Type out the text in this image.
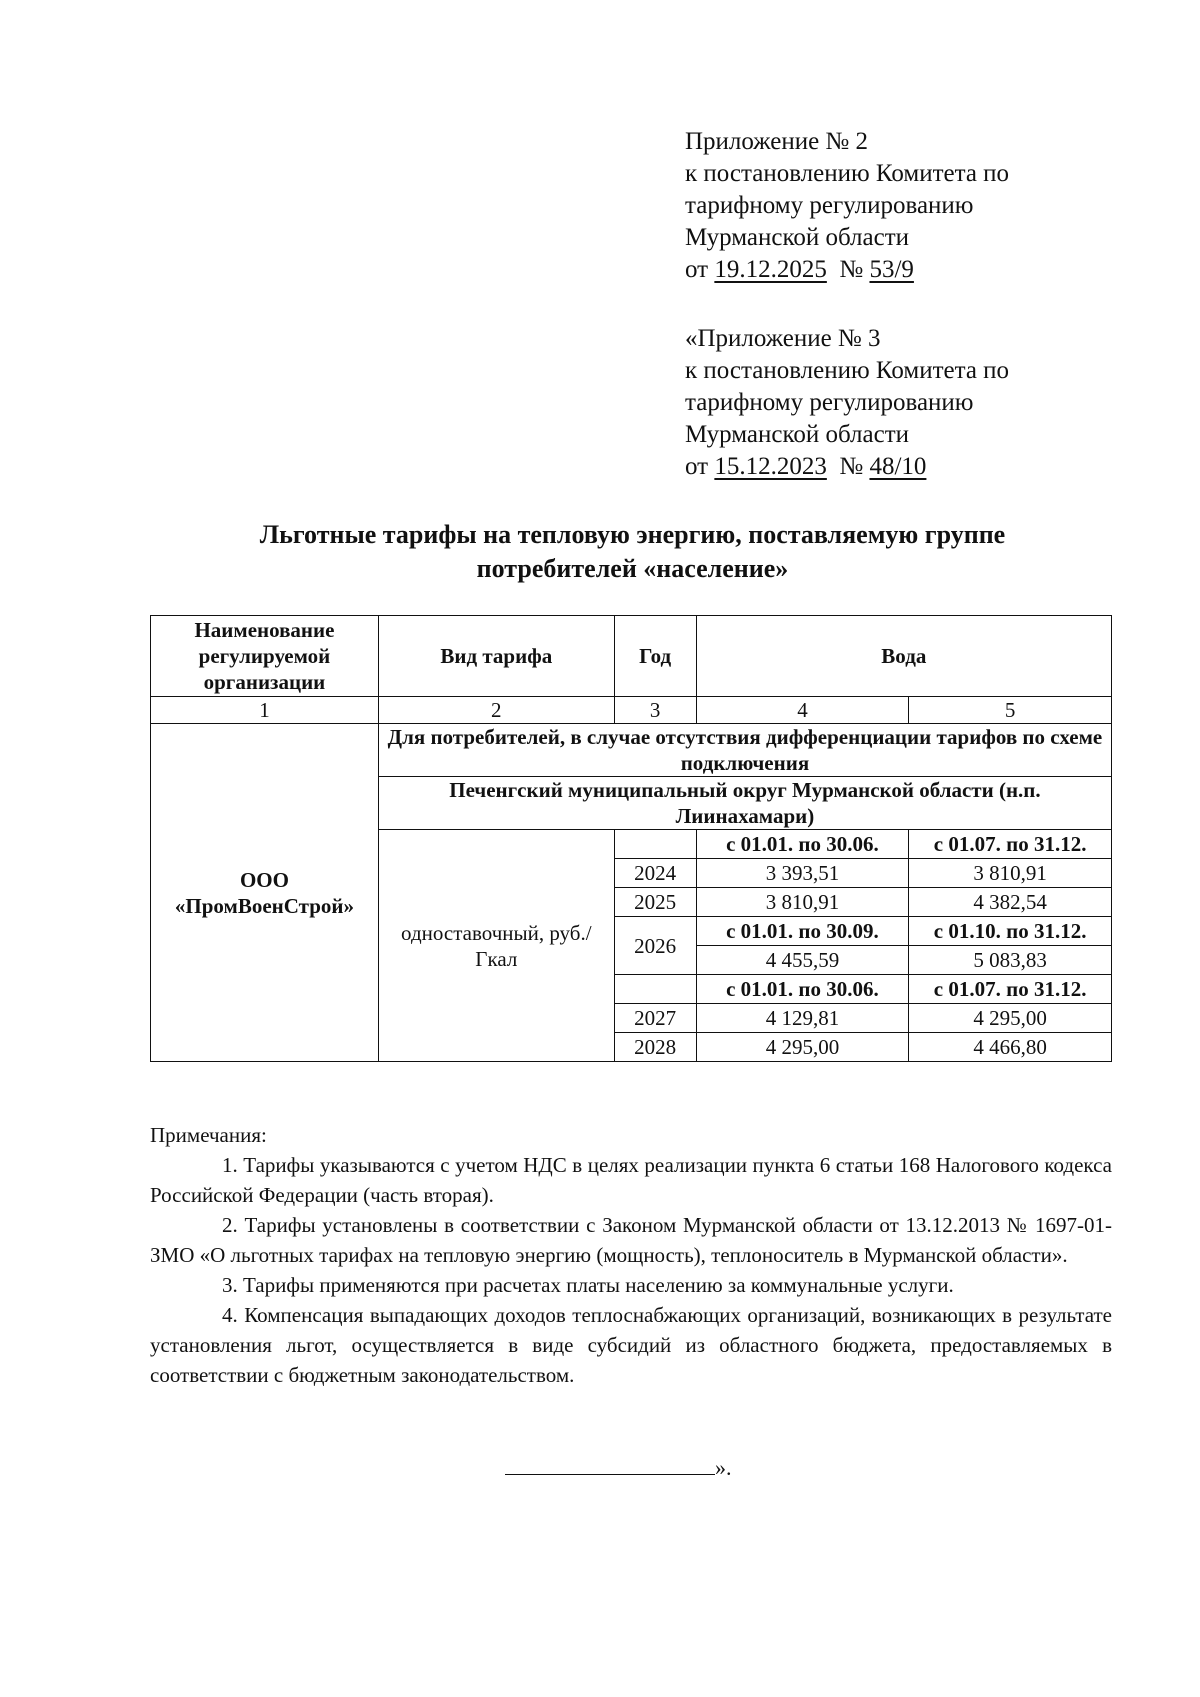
Приложение № 2
к постановлению Комитета по
тарифному регулированию
Мурманской области
от 19.12.2025 № 53/9
«Приложение № 3
к постановлению Комитета по
тарифному регулированию
Мурманской области
от 15.12.2023 № 48/10
Льготные тарифы на тепловую энергию, поставляемую группе
потребителей «население»
Наименование регулируемой организации	Вид тарифа	Год	Вода	
1	2	3	4	5
ООО «ПромВоенСтрой»	Для потребителей, в случае отсутствия дифференциации тарифов по схеме подключения			
	Печенгский муниципальный округ Мурманской области (н.п. Лиинахамари)			
	одноставочный, руб./Гкал		с 01.01. по 30.06.	с 01.07. по 31.12.
		2024	3 393,51	3 810,91
		2025	3 810,91	4 382,54
		2026	с 01.01. по 30.09.	с 01.10. по 31.12.
			4 455,59	5 083,83
			с 01.01. по 30.06.	с 01.07. по 31.12.
		2027	4 129,81	4 295,00
		2028	4 295,00	4 466,80

Примечания:

1. Тарифы указываются с учетом НДС в целях реализации пункта 6 статьи 168 Налогового кодекса Российской Федерации (часть вторая).

2. Тарифы установлены в соответствии с Законом Мурманской области от 13.12.2013 № 1697-01-ЗМО «О льготных тарифах на тепловую энергию (мощность), теплоноситель в Мурманской области».

3. Тарифы применяются при расчетах платы населению за коммунальные услуги.

4. Компенсация выпадающих доходов теплоснабжающих организаций, возникающих в результате установления льгот, осуществляется в виде субсидий из областного бюджета, предоставляемых в соответствии с бюджетным законодательством.

».
